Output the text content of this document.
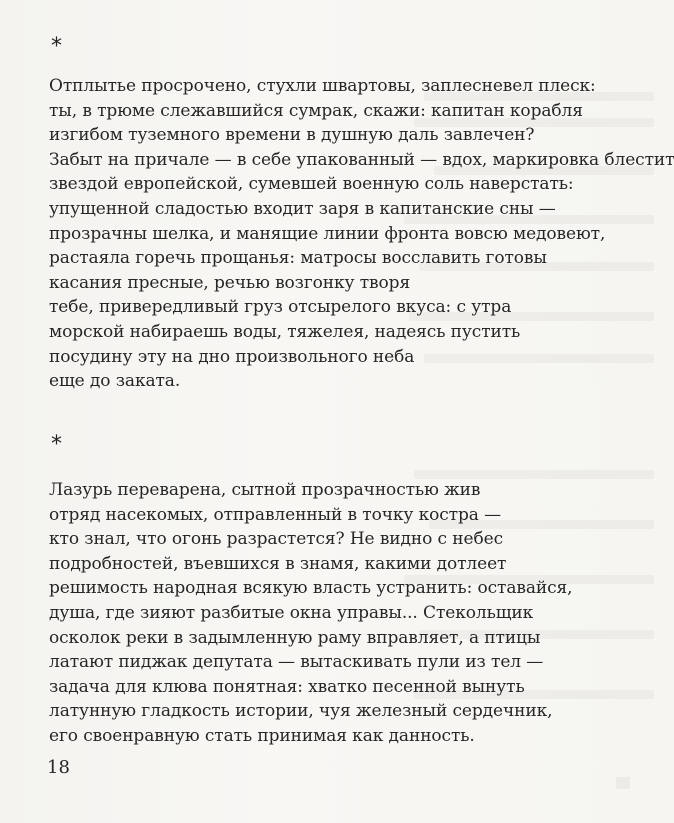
*
Отплытье просрочено, стухли швартовы, заплесневел плеск:
ты, в трюме слежавшийся сумрак, скажи: капитан корабля
изгибом туземного времени в душную даль завлечен?
Забыт на причале — в себе упакованный — вдох, маркировка блестит
звездой европейской, сумевшей военную соль наверстать:
упущенной сладостью входит заря в капитанские сны —
прозрачны шелка, и манящие линии фронта вовсю медовеют,
растаяла горечь прощанья: матросы восславить готовы
касания пресные, речью возгонку творя
тебе, привередливый груз отсырелого вкуса: с утра
морской набираешь воды, тяжелея, надеясь пустить
посудину эту на дно произвольного неба
еще до заката.
*
Лазурь переварена, сытной прозрачностью жив
отряд насекомых, отправленный в точку костра —
кто знал, что огонь разрастется? Не видно с небес
подробностей, въевшихся в знамя, какими дотлеет
решимость народная всякую власть устранить: оставайся,
душа, где зияют разбитые окна управы... Стекольщик
осколок реки в задымленную раму вправляет, а птицы
латают пиджак депутата — вытаскивать пули из тел —
задача для клюва понятная: хватко песенной вынуть
латунную гладкость истории, чуя железный сердечник,
его своенравную стать принимая как данность.
18
